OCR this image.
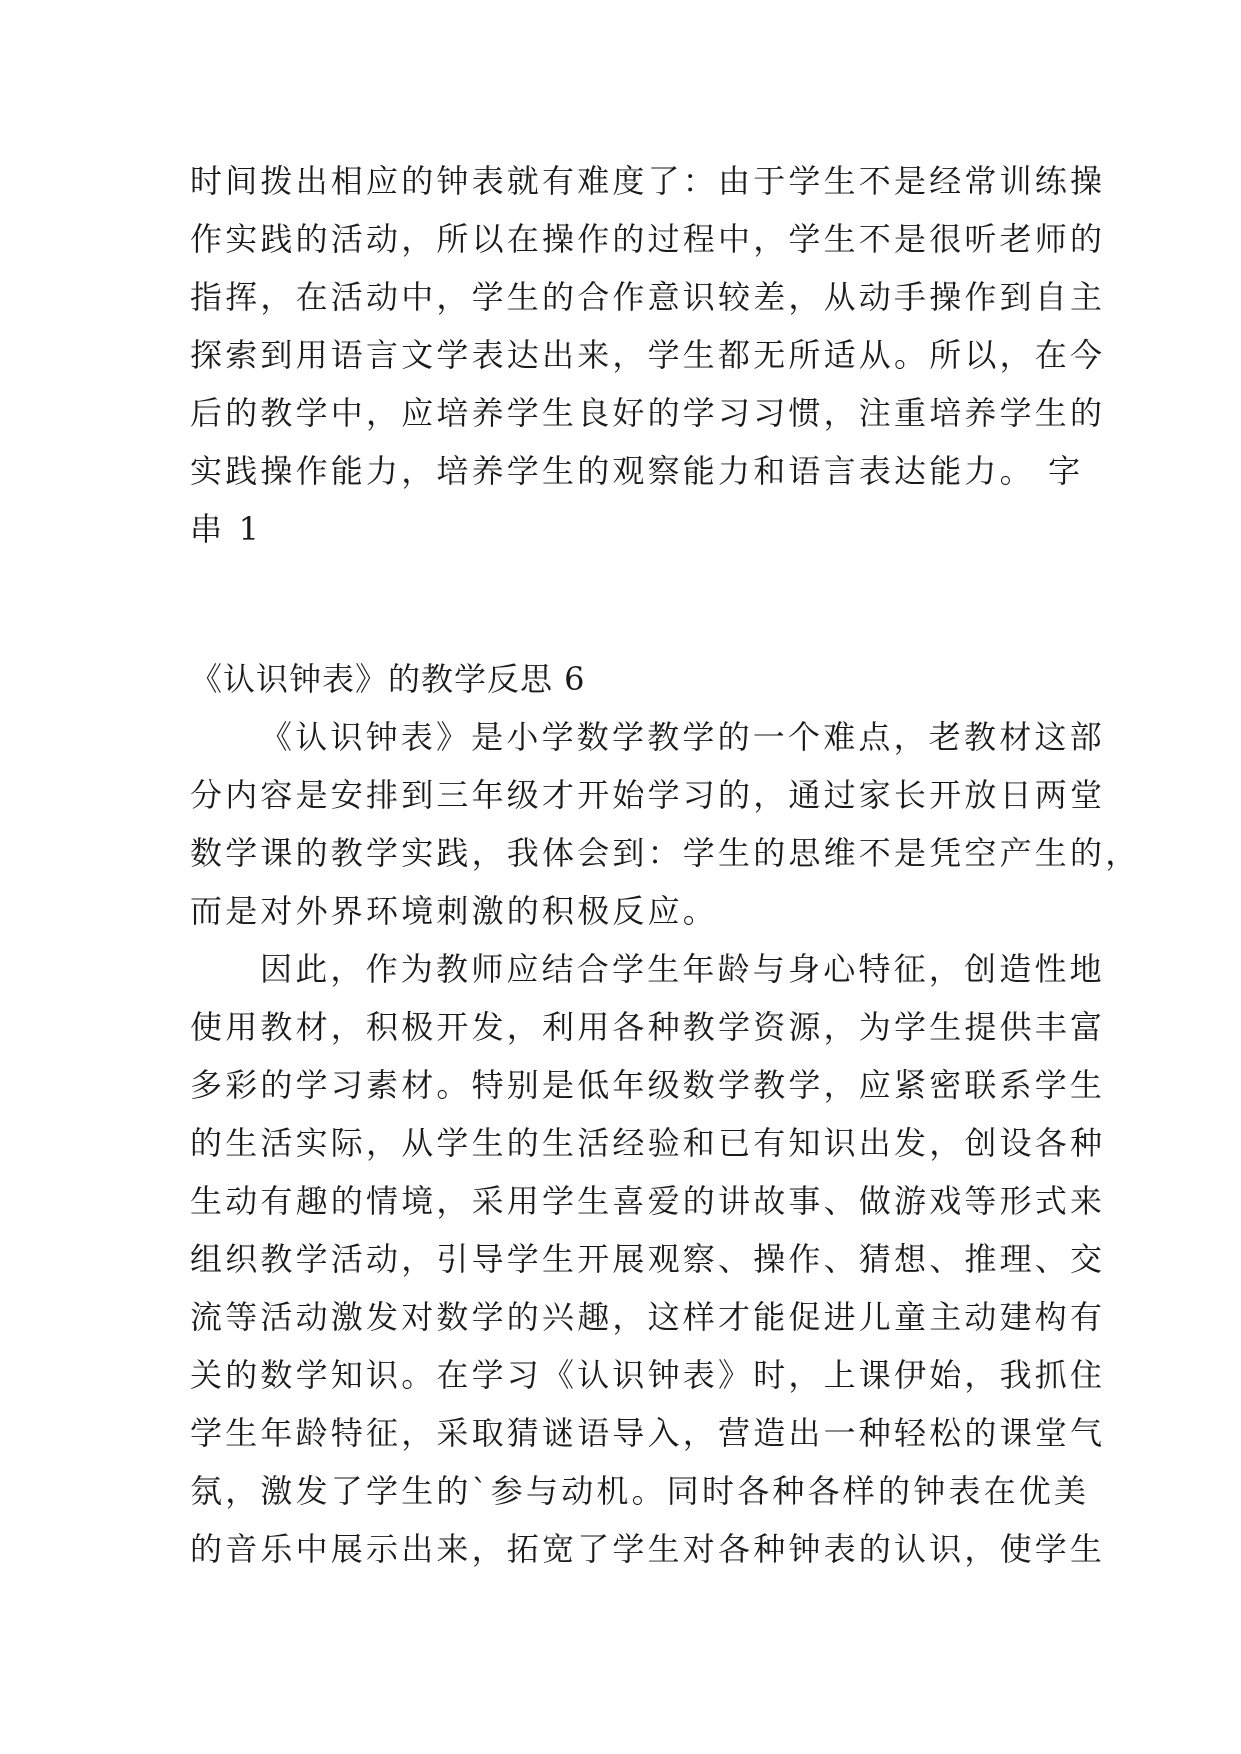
时间拨出相应的钟表就有难度了：由于学生不是经常训练操
作实践的活动，所以在操作的过程中，学生不是很听老师的
指挥，在活动中，学生的合作意识较差，从动手操作到自主
探索到用语言文学表达出来，学生都无所适从。所以，在今
后的教学中，应培养学生良好的学习习惯，注重培养学生的
实践操作能力，培养学生的观察能力和语言表达能力。 字
串 1
《认识钟表》的教学反思 6
《认识钟表》是小学数学教学的一个难点，老教材这部
分内容是安排到三年级才开始学习的，通过家长开放日两堂
数学课的教学实践，我体会到：学生的思维不是凭空产生的，
而是对外界环境刺激的积极反应。
因此，作为教师应结合学生年龄与身心特征，创造性地
使用教材，积极开发，利用各种教学资源，为学生提供丰富
多彩的学习素材。特别是低年级数学教学，应紧密联系学生
的生活实际，从学生的生活经验和已有知识出发，创设各种
生动有趣的情境，采用学生喜爱的讲故事、做游戏等形式来
组织教学活动，引导学生开展观察、操作、猜想、推理、交
流等活动激发对数学的兴趣，这样才能促进儿童主动建构有
关的数学知识。在学习《认识钟表》时，上课伊始，我抓住
学生年龄特征，采取猜谜语导入，营造出一种轻松的课堂气
氛，激发了学生的`参与动机。同时各种各样的钟表在优美
的音乐中展示出来，拓宽了学生对各种钟表的认识，使学生
